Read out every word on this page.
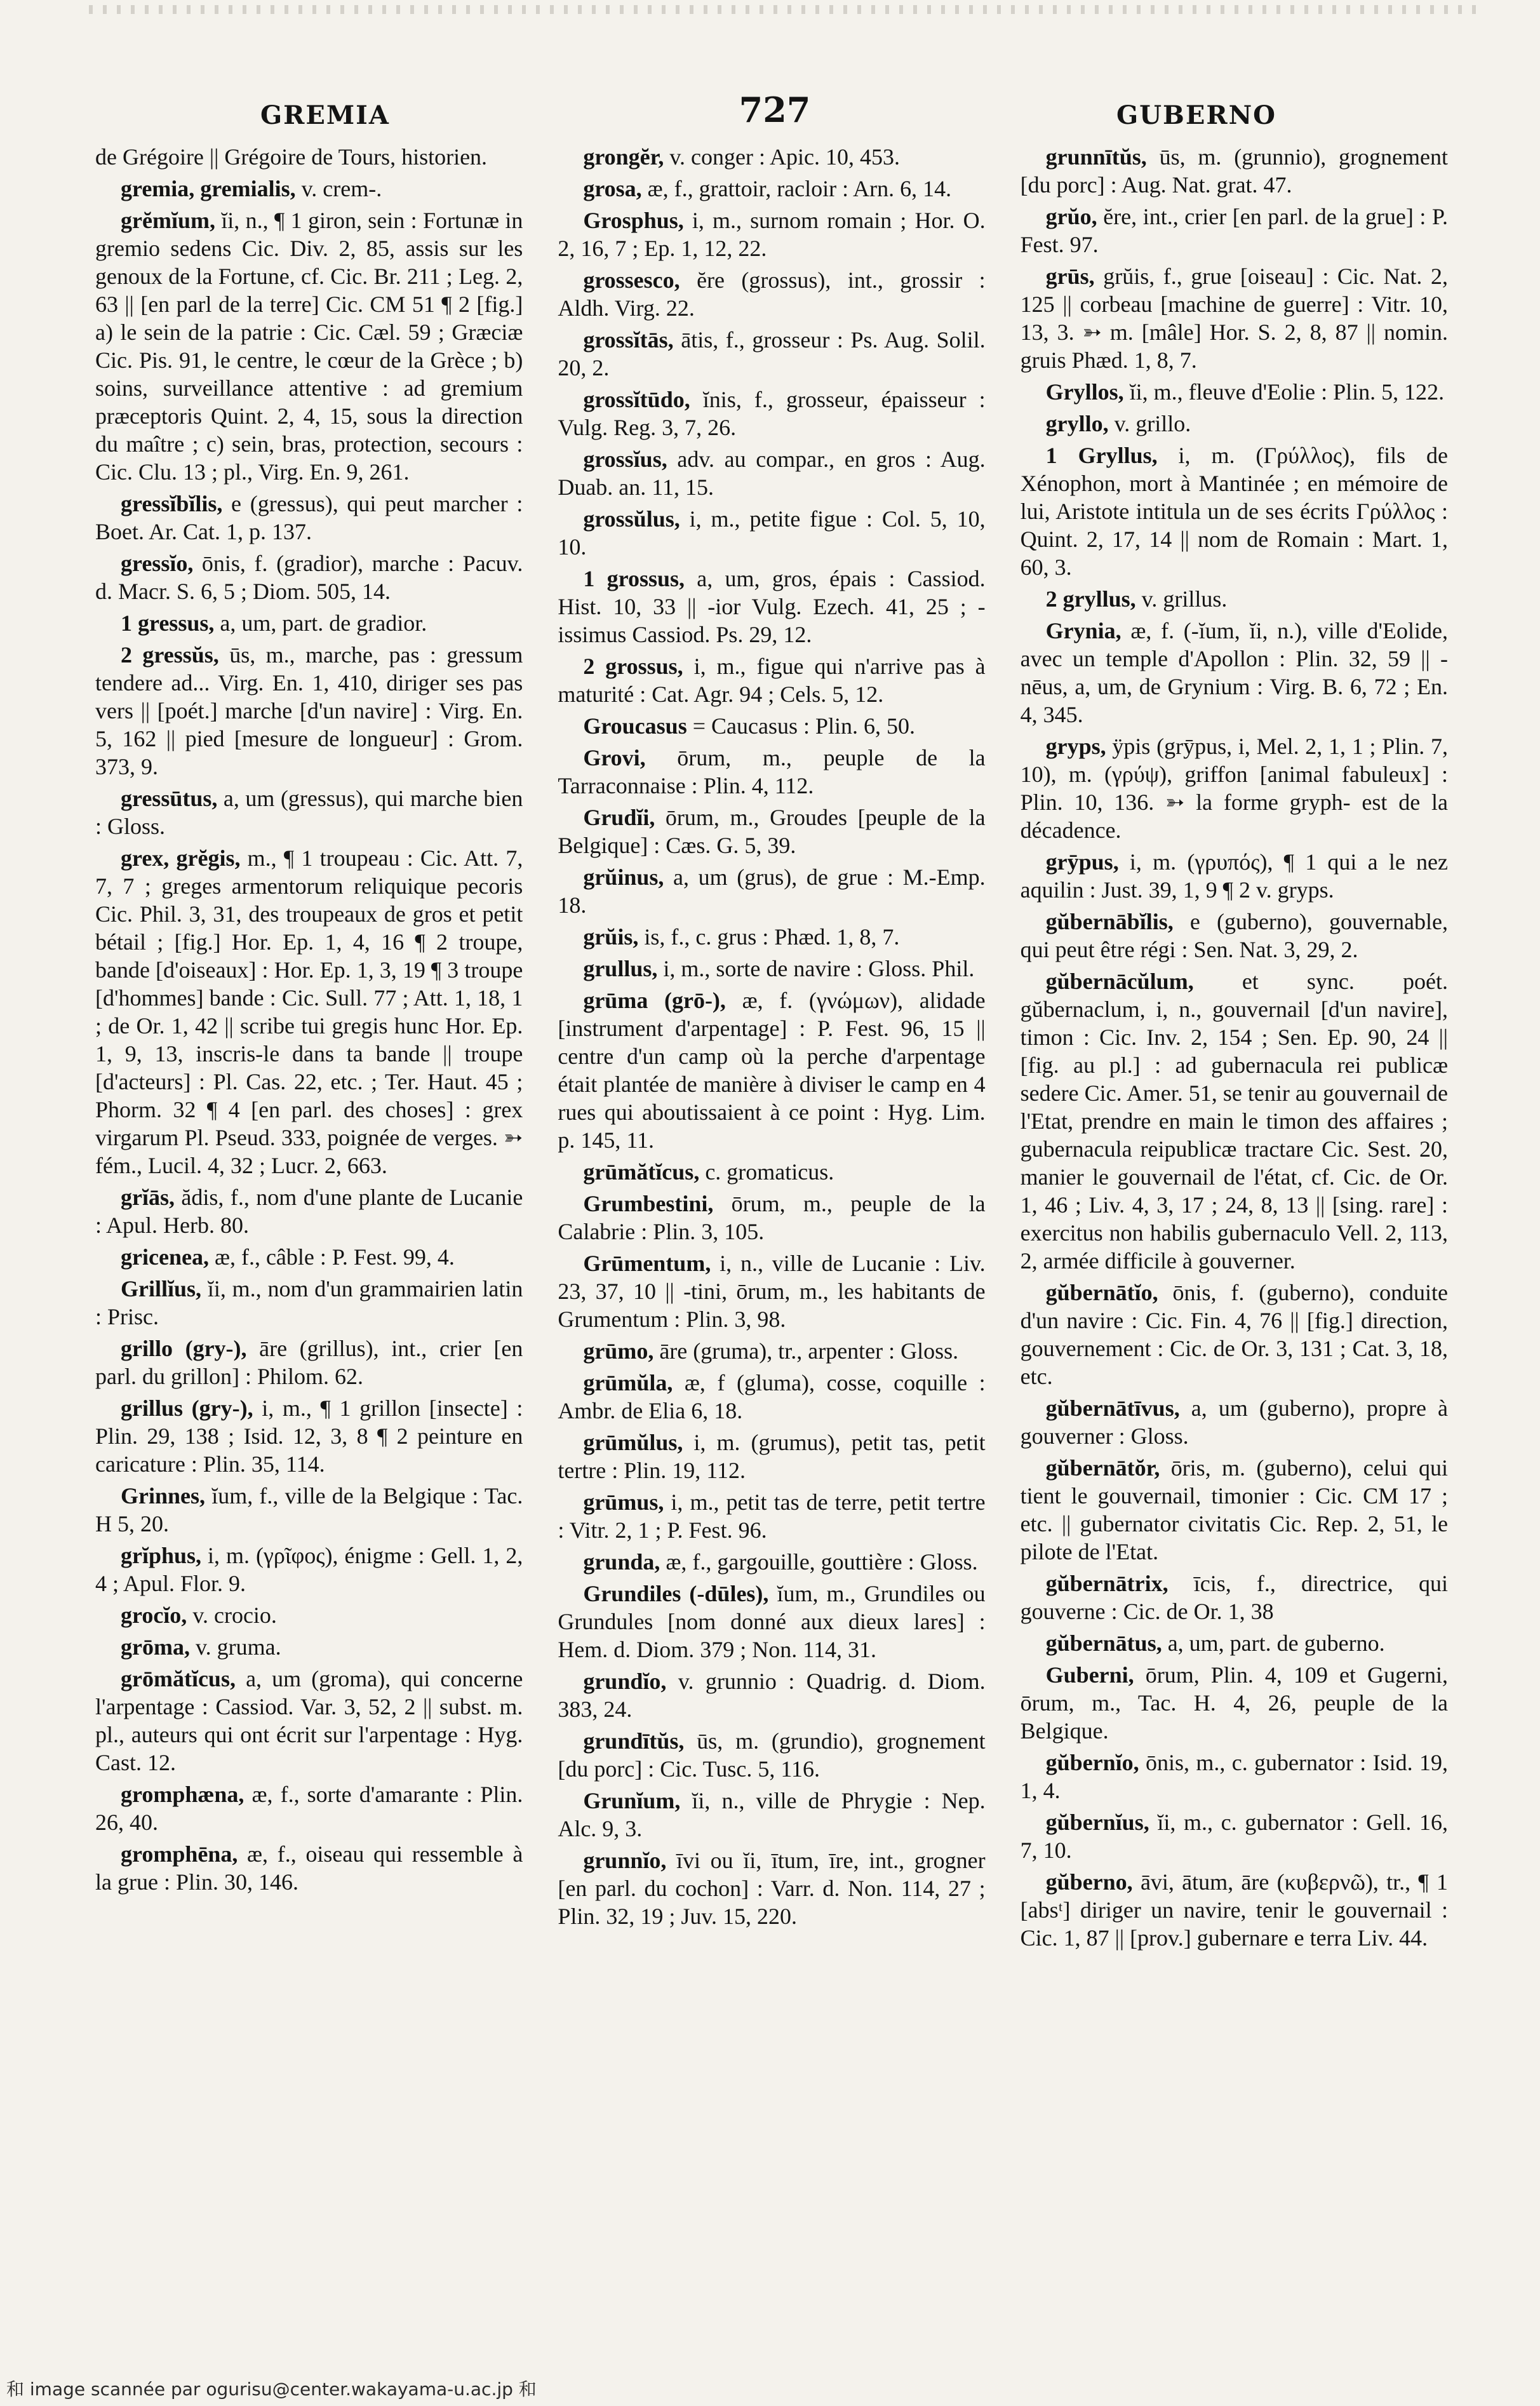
GREMIA	727	GUBERNO

de Grégoire || Grégoire de Tours, historien.

gremia, gremialis, v. crem-.

grĕmĭum, ĭi, n., ¶ 1 giron, sein : Fortunæ in gremio sedens Cic. Div. 2, 85, assis sur les genoux de la Fortune, cf. Cic. Br. 211 ; Leg. 2, 63 || [en parl de la terre] Cic. CM 51 ¶ 2 [fig.] a) le sein de la patrie : Cic. Cæl. 59 ; Græciæ Cic. Pis. 91, le centre, le cœur de la Grèce ; b) soins, surveillance attentive : ad gremium præceptoris Quint. 2, 4, 15, sous la direction du maître ; c) sein, bras, protection, secours : Cic. Clu. 13 ; pl., Virg. En. 9, 261.

gressĭbĭlis, e (gressus), qui peut marcher : Boet. Ar. Cat. 1, p. 137.

gressĭo, ōnis, f. (gradior), marche : Pacuv. d. Macr. S. 6, 5 ; Diom. 505, 14.

1 gressus, a, um, part. de gradior.

2 gressŭs, ūs, m., marche, pas : gressum tendere ad... Virg. En. 1, 410, diriger ses pas vers || [poét.] marche [d'un navire] : Virg. En. 5, 162 || pied [mesure de longueur] : Grom. 373, 9.

gressūtus, a, um (gressus), qui marche bien : Gloss.

grex, grĕgis, m., ¶ 1 troupeau : Cic. Att. 7, 7, 7 ; greges armentorum reliquique pecoris Cic. Phil. 3, 31, des troupeaux de gros et petit bétail ; [fig.] Hor. Ep. 1, 4, 16 ¶ 2 troupe, bande [d'oiseaux] : Hor. Ep. 1, 3, 19 ¶ 3 troupe [d'hommes] bande : Cic. Sull. 77 ; Att. 1, 18, 1 ; de Or. 1, 42 || scribe tui gregis hunc Hor. Ep. 1, 9, 13, inscris-le dans ta bande || troupe [d'acteurs] : Pl. Cas. 22, etc. ; Ter. Haut. 45 ; Phorm. 32 ¶ 4 [en parl. des choses] : grex virgarum Pl. Pseud. 333, poignée de verges. ➳ fém., Lucil. 4, 32 ; Lucr. 2, 663.

grĭās, ădis, f., nom d'une plante de Lucanie : Apul. Herb. 80.

gricenea, æ, f., câble : P. Fest. 99, 4.

Grillĭus, ĭi, m., nom d'un grammairien latin : Prisc.

grillo (gry-), āre (grillus), int., crier [en parl. du grillon] : Philom. 62.

grillus (gry-), i, m., ¶ 1 grillon [insecte] : Plin. 29, 138 ; Isid. 12, 3, 8 ¶ 2 peinture en caricature : Plin. 35, 114.

Grinnes, ĭum, f., ville de la Belgique : Tac. H 5, 20.

grĭphus, i, m. (γρῖφος), énigme : Gell. 1, 2, 4 ; Apul. Flor. 9.

grocĭo, v. crocio.

grōma, v. gruma.

grōmătĭcus, a, um (groma), qui concerne l'arpentage : Cassiod. Var. 3, 52, 2 || subst. m. pl., auteurs qui ont écrit sur l'arpentage : Hyg. Cast. 12.

gromphæna, æ, f., sorte d'amarante : Plin. 26, 40.

gromphēna, æ, f., oiseau qui ressemble à la grue : Plin. 30, 146.

grongĕr, v. conger : Apic. 10, 453.

grosa, æ, f., grattoir, racloir : Arn. 6, 14.

Grosphus, i, m., surnom romain ; Hor. O. 2, 16, 7 ; Ep. 1, 12, 22.

grossesco, ĕre (grossus), int., grossir : Aldh. Virg. 22.

grossĭtās, ātis, f., grosseur : Ps. Aug. Solil. 20, 2.

grossĭtūdo, ĭnis, f., grosseur, épaisseur : Vulg. Reg. 3, 7, 26.

grossĭus, adv. au compar., en gros : Aug. Duab. an. 11, 15.

grossŭlus, i, m., petite figue : Col. 5, 10, 10.

1 grossus, a, um, gros, épais : Cassiod. Hist. 10, 33 || -ior Vulg. Ezech. 41, 25 ; -issimus Cassiod. Ps. 29, 12.

2 grossus, i, m., figue qui n'arrive pas à maturité : Cat. Agr. 94 ; Cels. 5, 12.

Groucasus = Caucasus : Plin. 6, 50.

Grovi, ōrum, m., peuple de la Tarraconnaise : Plin. 4, 112.

Grudĭi, ōrum, m., Groudes [peuple de la Belgique] : Cæs. G. 5, 39.

grŭinus, a, um (grus), de grue : M.-Emp. 18.

grŭis, is, f., c. grus : Phæd. 1, 8, 7.

grullus, i, m., sorte de navire : Gloss. Phil.

grūma (grō-), æ, f. (γνώμων), alidade [instrument d'arpentage] : P. Fest. 96, 15 || centre d'un camp où la perche d'arpentage était plantée de manière à diviser le camp en 4 rues qui aboutissaient à ce point : Hyg. Lim. p. 145, 11.

grūmătĭcus, c. gromaticus.

Grumbestini, ōrum, m., peuple de la Calabrie : Plin. 3, 105.

Grūmentum, i, n., ville de Lucanie : Liv. 23, 37, 10 || -tini, ōrum, m., les habitants de Grumentum : Plin. 3, 98.

grūmo, āre (gruma), tr., arpenter : Gloss.

grūmŭla, æ, f (gluma), cosse, coquille : Ambr. de Elia 6, 18.

grūmŭlus, i, m. (grumus), petit tas, petit tertre : Plin. 19, 112.

grūmus, i, m., petit tas de terre, petit tertre : Vitr. 2, 1 ; P. Fest. 96.

grunda, æ, f., gargouille, gouttière : Gloss.

Grundiles (-dūles), ĭum, m., Grundiles ou Grundules [nom donné aux dieux lares] : Hem. d. Diom. 379 ; Non. 114, 31.

grundĭo, v. grunnio : Quadrig. d. Diom. 383, 24.

grundītŭs, ūs, m. (grundio), grognement [du porc] : Cic. Tusc. 5, 116.

Grunĭum, ĭi, n., ville de Phrygie : Nep. Alc. 9, 3.

grunnĭo, īvi ou ĭi, ītum, īre, int., grogner [en parl. du cochon] : Varr. d. Non. 114, 27 ; Plin. 32, 19 ; Juv. 15, 220.

grunnītŭs, ūs, m. (grunnio), grognement [du porc] : Aug. Nat. grat. 47.

grŭo, ĕre, int., crier [en parl. de la grue] : P. Fest. 97.

grūs, grŭis, f., grue [oiseau] : Cic. Nat. 2, 125 || corbeau [machine de guerre] : Vitr. 10, 13, 3. ➳ m. [mâle] Hor. S. 2, 8, 87 || nomin. gruis Phæd. 1, 8, 7.

Gryllos, ĭi, m., fleuve d'Eolie : Plin. 5, 122.

gryllo, v. grillo.

1 Gryllus, i, m. (Γρύλλος), fils de Xénophon, mort à Mantinée ; en mémoire de lui, Aristote intitula un de ses écrits Γρύλλος : Quint. 2, 17, 14 || nom de Romain : Mart. 1, 60, 3.

2 gryllus, v. grillus.

Grynia, æ, f. (-ĭum, ĭi, n.), ville d'Eolide, avec un temple d'Apollon : Plin. 32, 59 || -nēus, a, um, de Grynium : Virg. B. 6, 72 ; En. 4, 345.

gryps, ÿpis (grȳpus, i, Mel. 2, 1, 1 ; Plin. 7, 10), m. (γρύψ), griffon [animal fabuleux] : Plin. 10, 136. ➳ la forme gryph- est de la décadence.

grȳpus, i, m. (γρυπός), ¶ 1 qui a le nez aquilin : Just. 39, 1, 9 ¶ 2 v. gryps.

gŭbernābĭlis, e (guberno), gouvernable, qui peut être régi : Sen. Nat. 3, 29, 2.

gŭbernācŭlum, et sync. poét. gŭbernaclum, i, n., gouvernail [d'un navire], timon : Cic. Inv. 2, 154 ; Sen. Ep. 90, 24 || [fig. au pl.] : ad gubernacula rei publicæ sedere Cic. Amer. 51, se tenir au gouvernail de l'Etat, prendre en main le timon des affaires ; gubernacula reipublicæ tractare Cic. Sest. 20, manier le gouvernail de l'état, cf. Cic. de Or. 1, 46 ; Liv. 4, 3, 17 ; 24, 8, 13 || [sing. rare] : exercitus non habilis gubernaculo Vell. 2, 113, 2, armée difficile à gouverner.

gŭbernātĭo, ōnis, f. (guberno), conduite d'un navire : Cic. Fin. 4, 76 || [fig.] direction, gouvernement : Cic. de Or. 3, 131 ; Cat. 3, 18, etc.

gŭbernātīvus, a, um (guberno), propre à gouverner : Gloss.

gŭbernātŏr, ōris, m. (guberno), celui qui tient le gouvernail, timonier : Cic. CM 17 ; etc. || gubernator civitatis Cic. Rep. 2, 51, le pilote de l'Etat.

gŭbernātrix, īcis, f., directrice, qui gouverne : Cic. de Or. 1, 38

gŭbernātus, a, um, part. de guberno.

Guberni, ōrum, Plin. 4, 109 et Gugerni, ōrum, m., Tac. H. 4, 26, peuple de la Belgique.

gŭbernĭo, ōnis, m., c. gubernator : Isid. 19, 1, 4.

gŭbernĭus, ĭi, m., c. gubernator : Gell. 16, 7, 10.

gŭberno, āvi, ātum, āre (κυβερνῶ), tr., ¶ 1 [absᵗ] diriger un navire, tenir le gouvernail : Cic. 1, 87 || [prov.] gubernare e terra Liv. 44.

和 image scannée par ogurisu@center.wakayama-u.ac.jp 和
